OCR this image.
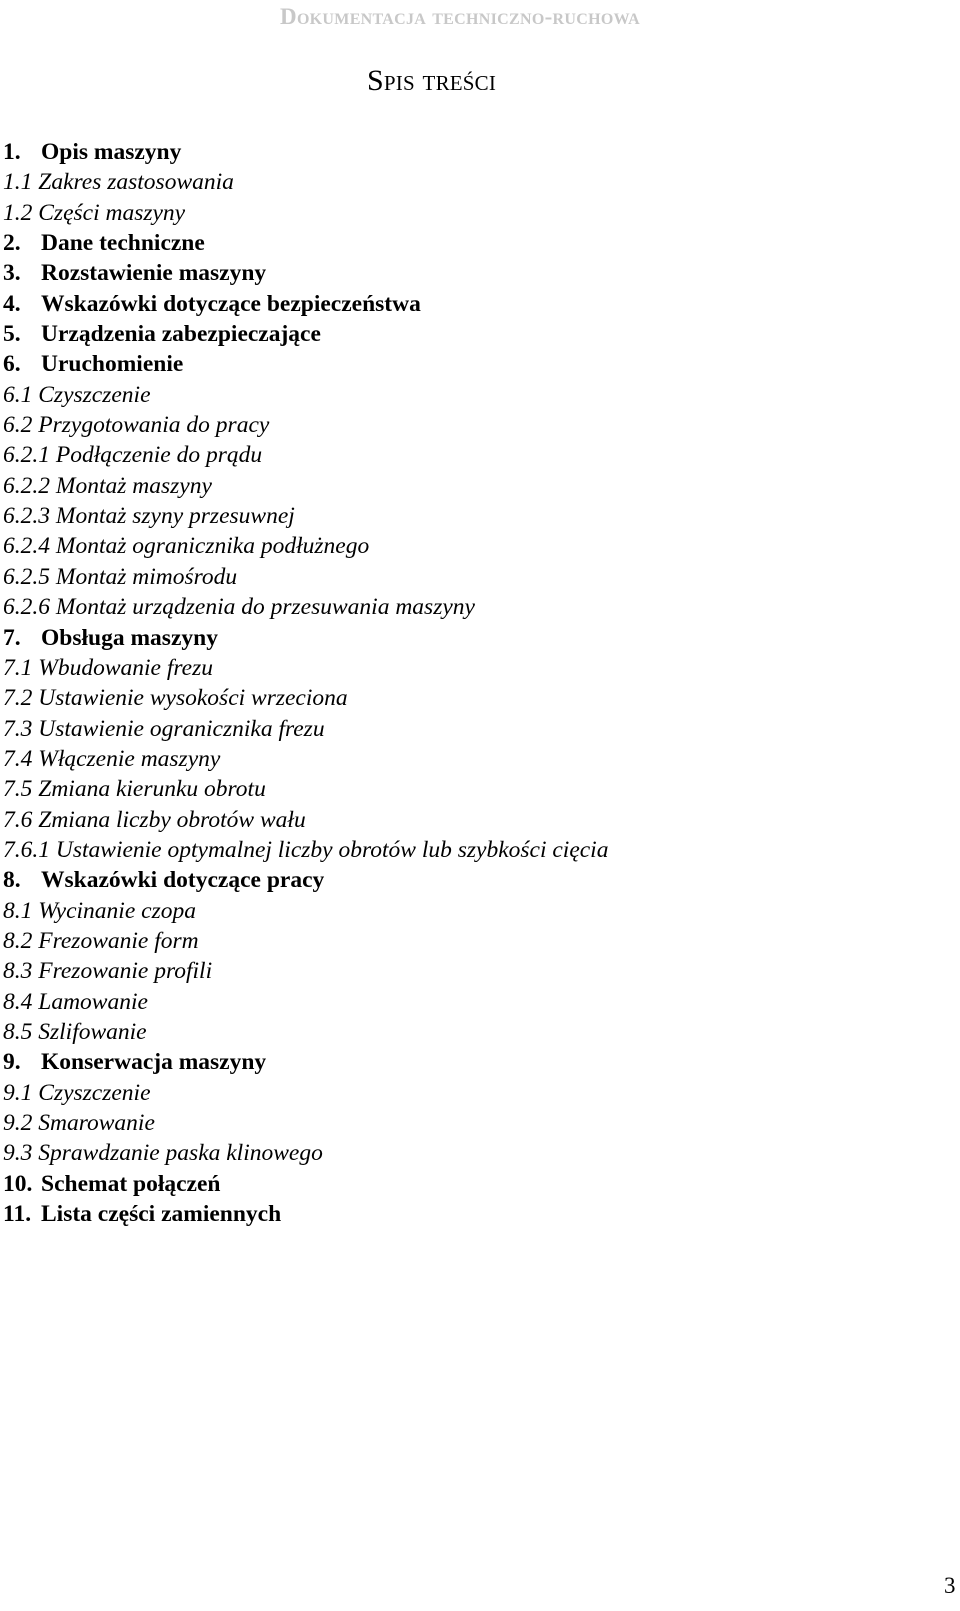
Dokumentacja techniczno-ruchowa
Spis treści
1. Opis maszyny
1.1 Zakres zastosowania
1.2 Części maszyny
2. Dane techniczne
3. Rozstawienie maszyny
4. Wskazówki dotyczące bezpieczeństwa
5. Urządzenia zabezpieczające
6. Uruchomienie
6.1 Czyszczenie
6.2 Przygotowania do pracy
6.2.1 Podłączenie do prądu
6.2.2 Montaż maszyny
6.2.3 Montaż szyny przesuwnej
6.2.4 Montaż ogranicznika podłużnego
6.2.5 Montaż mimośrodu
6.2.6 Montaż urządzenia do przesuwania maszyny
7. Obsługa maszyny
7.1 Wbudowanie frezu
7.2 Ustawienie wysokości wrzeciona
7.3 Ustawienie ogranicznika frezu
7.4 Włączenie maszyny
7.5 Zmiana kierunku obrotu
7.6 Zmiana liczby obrotów wału
7.6.1 Ustawienie optymalnej liczby obrotów lub szybkości cięcia
8. Wskazówki dotyczące pracy
8.1 Wycinanie czopa
8.2 Frezowanie form
8.3 Frezowanie profili
8.4 Lamowanie
8.5 Szlifowanie
9. Konserwacja maszyny
9.1 Czyszczenie
9.2 Smarowanie
9.3 Sprawdzanie paska klinowego
10. Schemat połączeń
11. Lista części zamiennych
3
